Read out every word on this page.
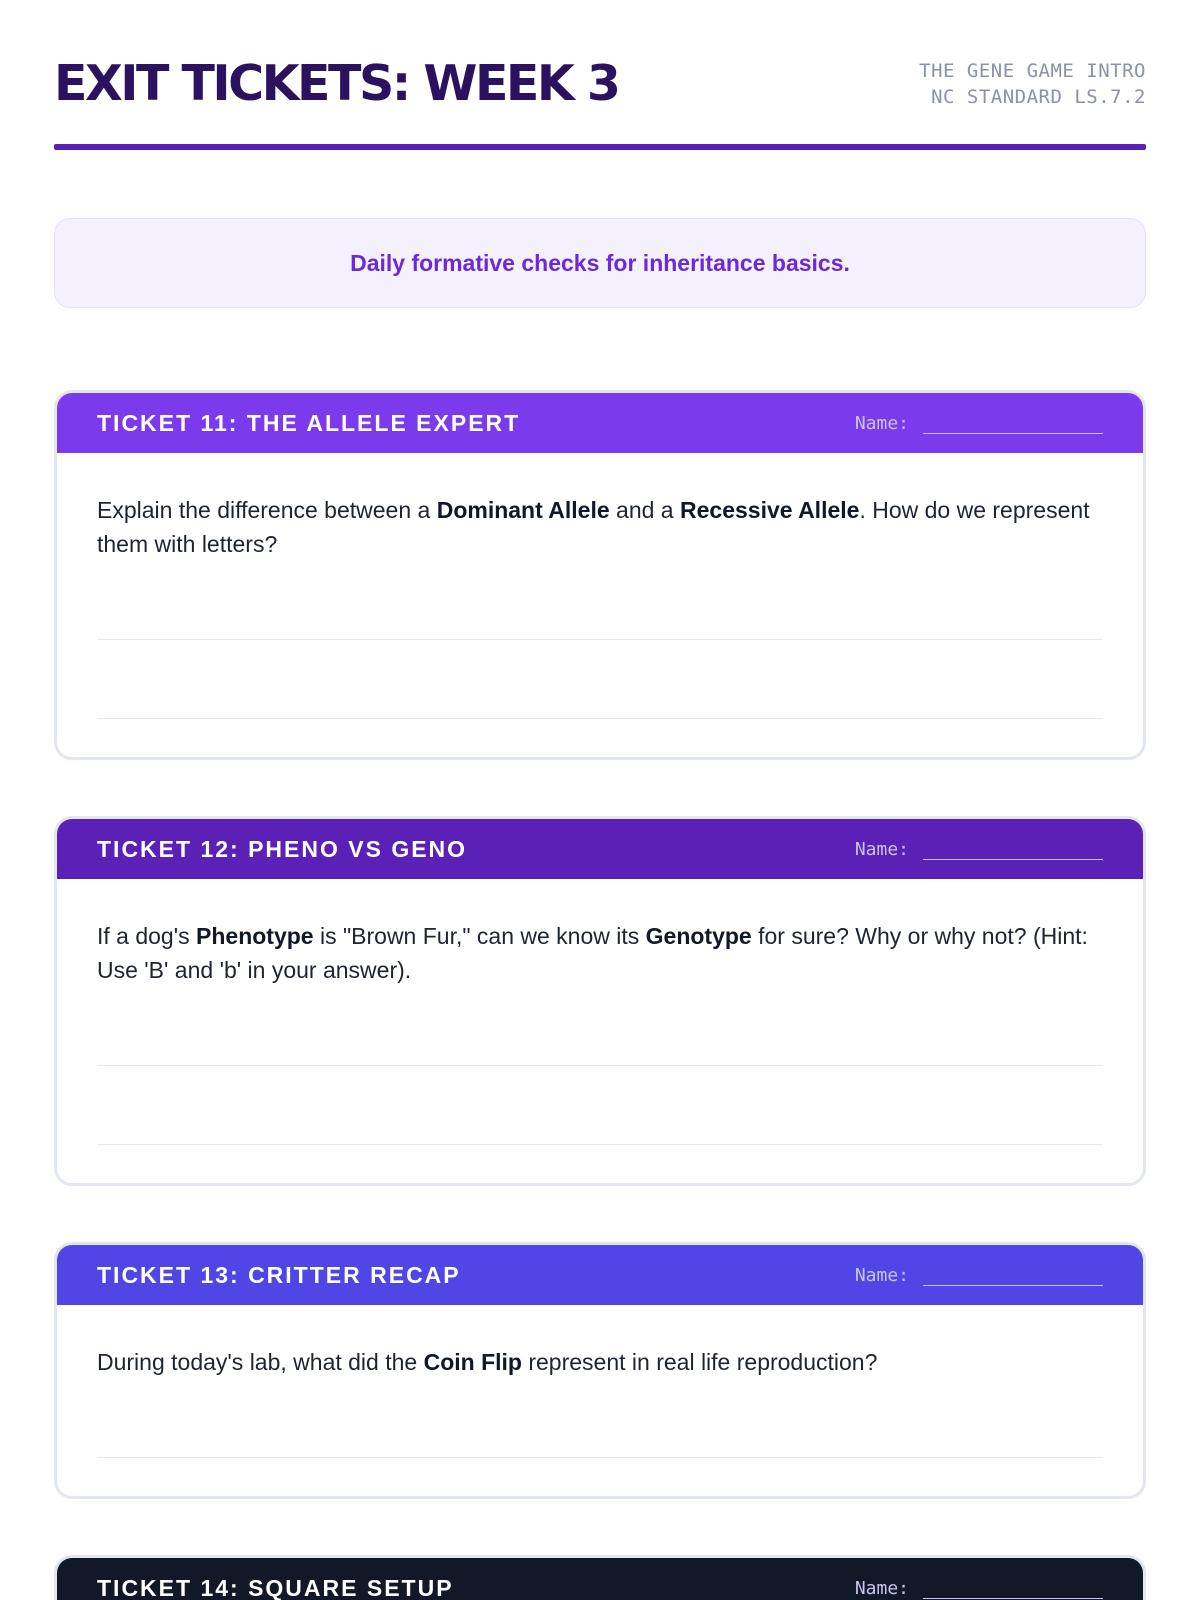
EXIT TICKETS: WEEK 3	THE GENE GAME INTRO
NC STANDARD LS.7.2
Daily formative checks for inheritance basics.
TICKET 11: THE ALLELE EXPERT	Name:

Explain the difference between a Dominant Allele and a Recessive Allele. How do we represent them with letters?

TICKET 12: PHENO VS GENO	Name:

If a dog's Phenotype is "Brown Fur," can we know its Genotype for sure? Why or why not? (Hint: Use 'B' and 'b' in your answer).

TICKET 13: CRITTER RECAP	Name:

During today's lab, what did the Coin Flip represent in real life reproduction?

TICKET 14: SQUARE SETUP	Name:
